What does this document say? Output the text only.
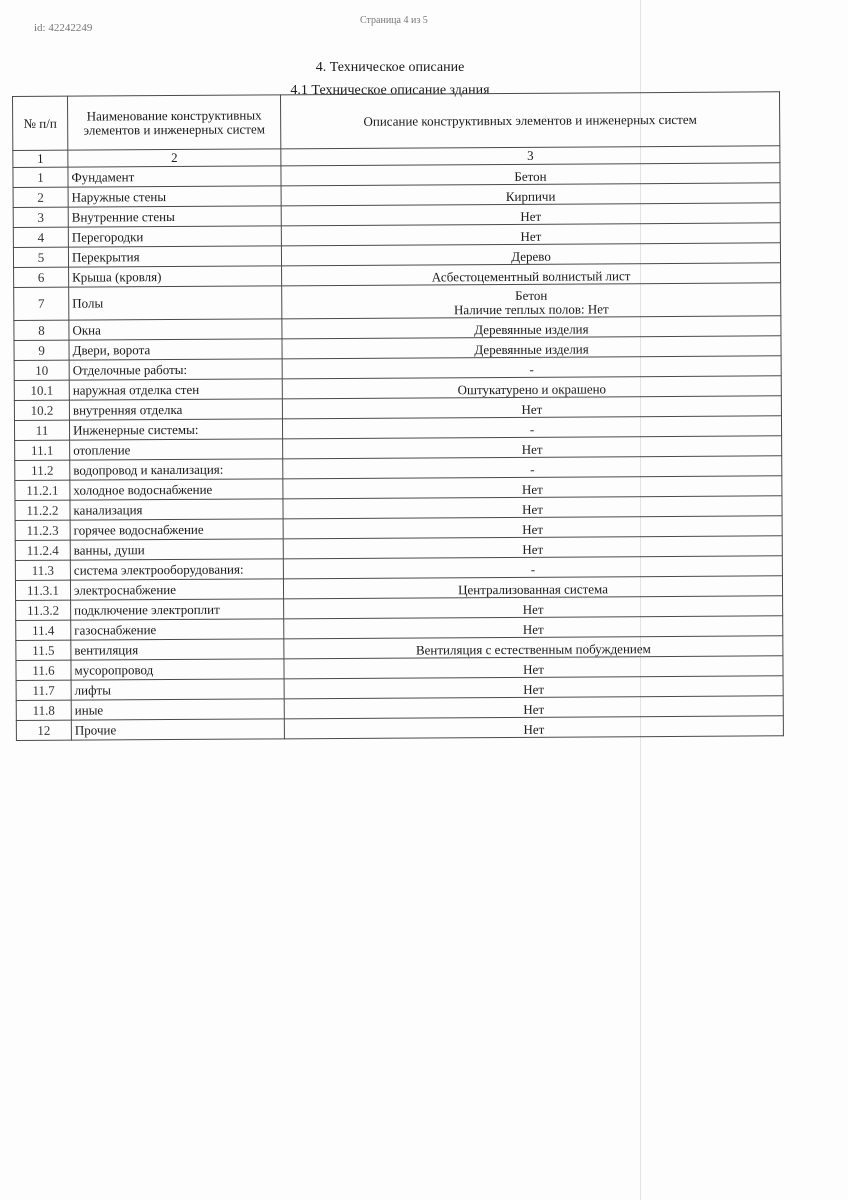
id: 42242249
Страница 4 из 5
4. Техническое описание
4.1 Техническое описание здания
№ п/п	Наименование конструктивных элементов и инженерных систем	Описание конструктивных элементов и инженерных систем
1	2	3
1	Фундамент	Бетон

2	Наружные стены	Кирпичи

3	Внутренние стены	Нет

4	Перегородки	Нет

5	Перекрытия	Дерево

6	Крыша (кровля)	Асбестоцементный волнистый лист

7	Полы	Бетон
Наличие теплых полов: Нет

8	Окна	Деревянные изделия

9	Двери, ворота	Деревянные изделия

10	Отделочные работы:	-

10.1	наружная отделка стен	Оштукатурено и окрашено

10.2	внутренняя отделка	Нет

11	Инженерные системы:	-

11.1	отопление	Нет

11.2	водопровод и канализация:	-

11.2.1	холодное водоснабжение	Нет

11.2.2	канализация	Нет

11.2.3	горячее водоснабжение	Нет

11.2.4	ванны, души	Нет

11.3	система электрооборудования:	-

11.3.1	электроснабжение	Централизованная система

11.3.2	подключение электроплит	Нет

11.4	газоснабжение	Нет

11.5	вентиляция	Вентиляция с естественным побуждением

11.6	мусоропровод	Нет

11.7	лифты	Нет

11.8	иные	Нет

12	Прочие	Нет
